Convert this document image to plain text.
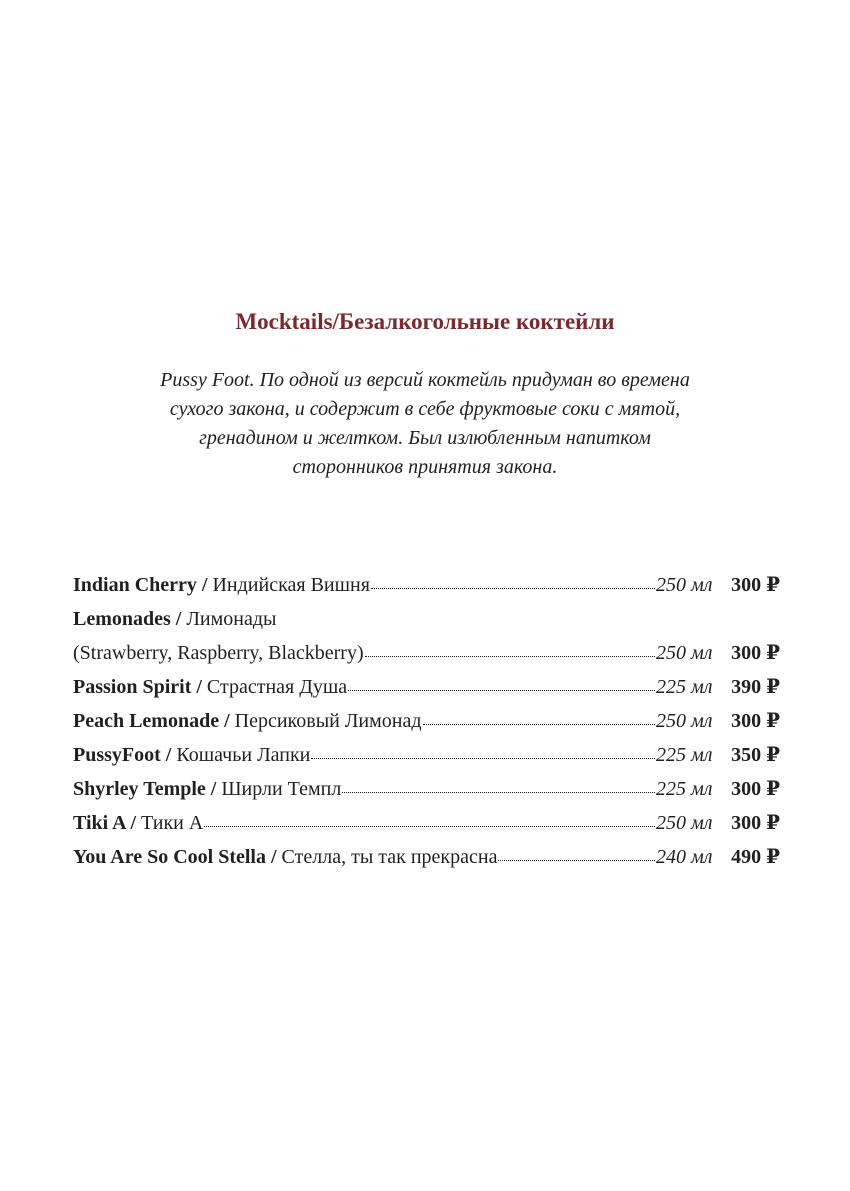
Mocktails/Безалкогольные коктейли
Pussy Foot. По одной из версий коктейль придуман во времена
сухого закона, и содержит в себе фруктовые соки с мятой,
гренадином и желтком. Был излюбленным напитком
сторонников принятия закона.
Indian Cherry / Индийская Вишня	250 мл 300 ₽
Lemonades / Лимонады
(Strawberry, Raspberry, Blackberry)	250 мл 300 ₽
Passion Spirit / Страстная Душа	225 мл 390 ₽
Peach Lemonade / Персиковый Лимонад	250 мл 300 ₽
PussyFoot / Кошачьи Лапки	225 мл 350 ₽
Shyrley Temple / Ширли Темпл	225 мл 300 ₽
Tiki A / Тики А	250 мл 300 ₽
You Are So Cool Stella / Стелла, ты так прекрасна	240 мл 490 ₽
